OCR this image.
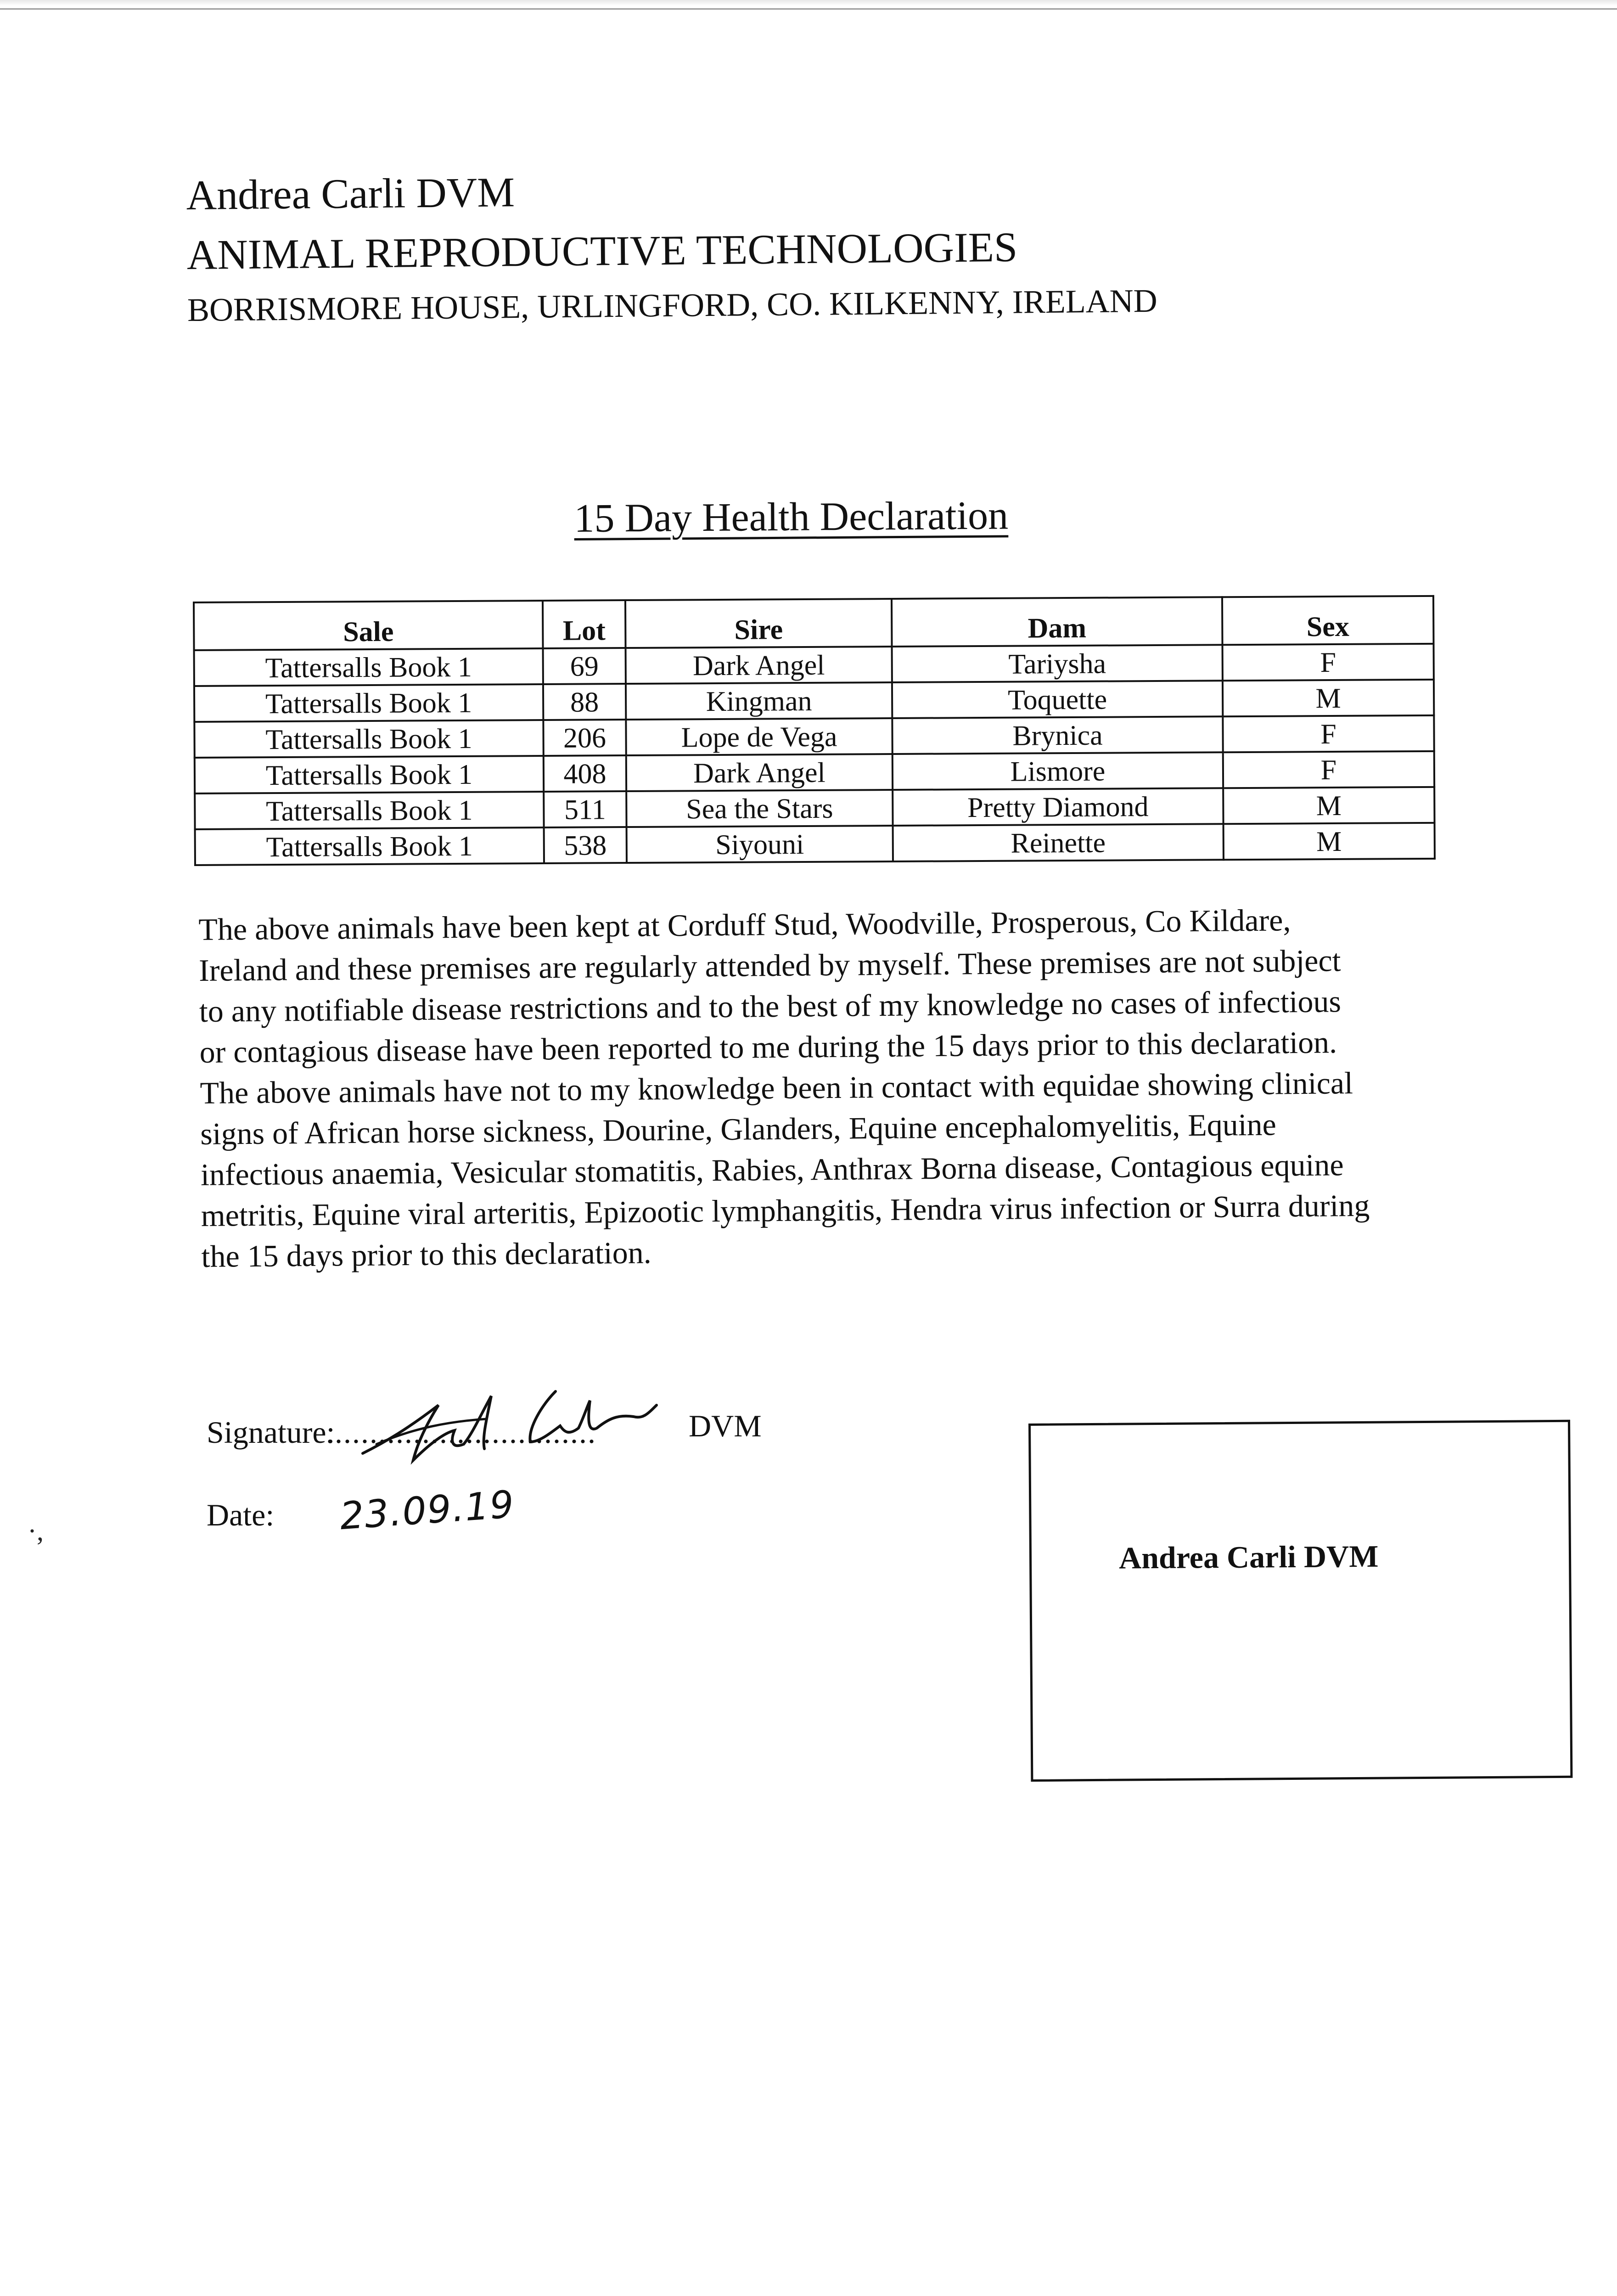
Andrea Carli DVM

ANIMAL REPRODUCTIVE TECHNOLOGIES

BORRISMORE HOUSE, URLINGFORD, CO. KILKENNY, IRELAND

15 Day Health Declaration
Sale	Lot	Sire	Dam	Sex
Tattersalls Book 1	69	Dark Angel	Tariysha	F
Tattersalls Book 1	88	Kingman	Toquette	M
Tattersalls Book 1	206	Lope de Vega	Brynica	F
Tattersalls Book 1	408	Dark Angel	Lismore	F
Tattersalls Book 1	511	Sea the Stars	Pretty Diamond	M
Tattersalls Book 1	538	Siyouni	Reinette	M
The above animals have been kept at Corduff Stud, Woodville, Prosperous, Co Kildare,
Ireland and these premises are regularly attended by myself. These premises are not subject
to any notifiable disease restrictions and to the best of my knowledge no cases of infectious
or contagious disease have been reported to me during the 15 days prior to this declaration.
The above animals have not to my knowledge been in contact with equidae showing clinical
signs of African horse sickness, Dourine, Glanders, Equine encephalomyelitis, Equine
infectious anaemia, Vesicular stomatitis, Rabies, Anthrax Borna disease, Contagious equine
metritis, Equine viral arteritis, Epizootic lymphangitis, Hendra virus infection or Surra during
the 15 days prior to this declaration.
Signature:
...............................	DVM
Date: 23.09.19
·,
Andrea Carli DVM
